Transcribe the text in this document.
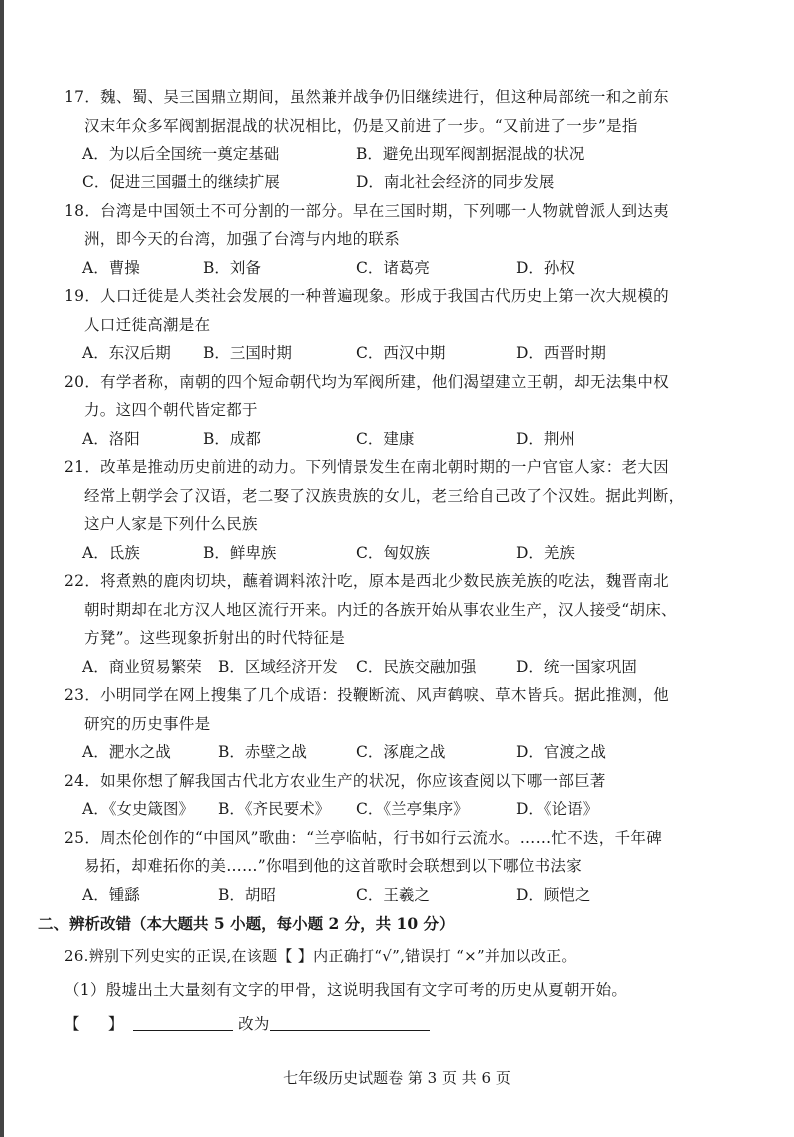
17．魏、蜀、吴三国鼎立期间，虽然兼并战争仍旧继续进行，但这种局部统一和之前东
汉末年众多军阀割据混战的状况相比，仍是又前进了一步。“又前进了一步”是指
A．为以后全国统一奠定基础	B．避免出现军阀割据混战的状况
C．促进三国疆土的继续扩展	D．南北社会经济的同步发展
18．台湾是中国领土不可分割的一部分。早在三国时期，下列哪一人物就曾派人到达夷
洲，即今天的台湾，加强了台湾与内地的联系
A．曹操	B．刘备	C．诸葛亮	D．孙权
19．人口迁徙是人类社会发展的一种普遍现象。形成于我国古代历史上第一次大规模的
人口迁徙高潮是在
A．东汉后期 B．三国时期	C．西汉中期	D．西晋时期
20．有学者称，南朝的四个短命朝代均为军阀所建，他们渴望建立王朝，却无法集中权
力。这四个朝代皆定都于
A．洛阳	B．成都	C．建康	D．荆州
21．改革是推动历史前进的动力。下列情景发生在南北朝时期的一户官宦人家：老大因
经常上朝学会了汉语，老二娶了汉族贵族的女儿，老三给自己改了个汉姓。据此判断，
这户人家是下列什么民族
A．氐族	B．鲜卑族	C．匈奴族	D．羌族
22．将煮熟的鹿肉切块，蘸着调料浓汁吃，原本是西北少数民族羌族的吃法，魏晋南北
朝时期却在北方汉人地区流行开来。内迁的各族开始从事农业生产，汉人接受“胡床、
方凳”。这些现象折射出的时代特征是
A．商业贸易繁荣 B．区域经济开发 C．民族交融加强	D．统一国家巩固
23．小明同学在网上搜集了几个成语：投鞭断流、风声鹤唳、草木皆兵。据此推测，他
研究的历史事件是
A．淝水之战	B．赤壁之战	C．涿鹿之战	D．官渡之战
24．如果你想了解我国古代北方农业生产的状况，你应该查阅以下哪一部巨著
A．《女史箴图》 B．《齐民要术》 C．《兰亭集序》	D．《论语》
25．周杰伦创作的“中国风”歌曲：“兰亭临帖，行书如行云流水。……忙不迭，千年碑
易拓，却难拓你的美……”你唱到他的这首歌时会联想到以下哪位书法家
A．锺繇	B．胡昭	C．王羲之	D．顾恺之
二、辨析改错（本大题共 5 小题，每小题 2 分，共 10 分）
26.辨别下列史实的正误,在该题【 】内正确打“√”,错误打 “×”并加以改正。
（1）殷墟出土大量刻有文字的甲骨，这说明我国有文字可考的历史从夏朝开始。
【 】	改为
七年级历史试题卷 第 3 页 共 6 页
